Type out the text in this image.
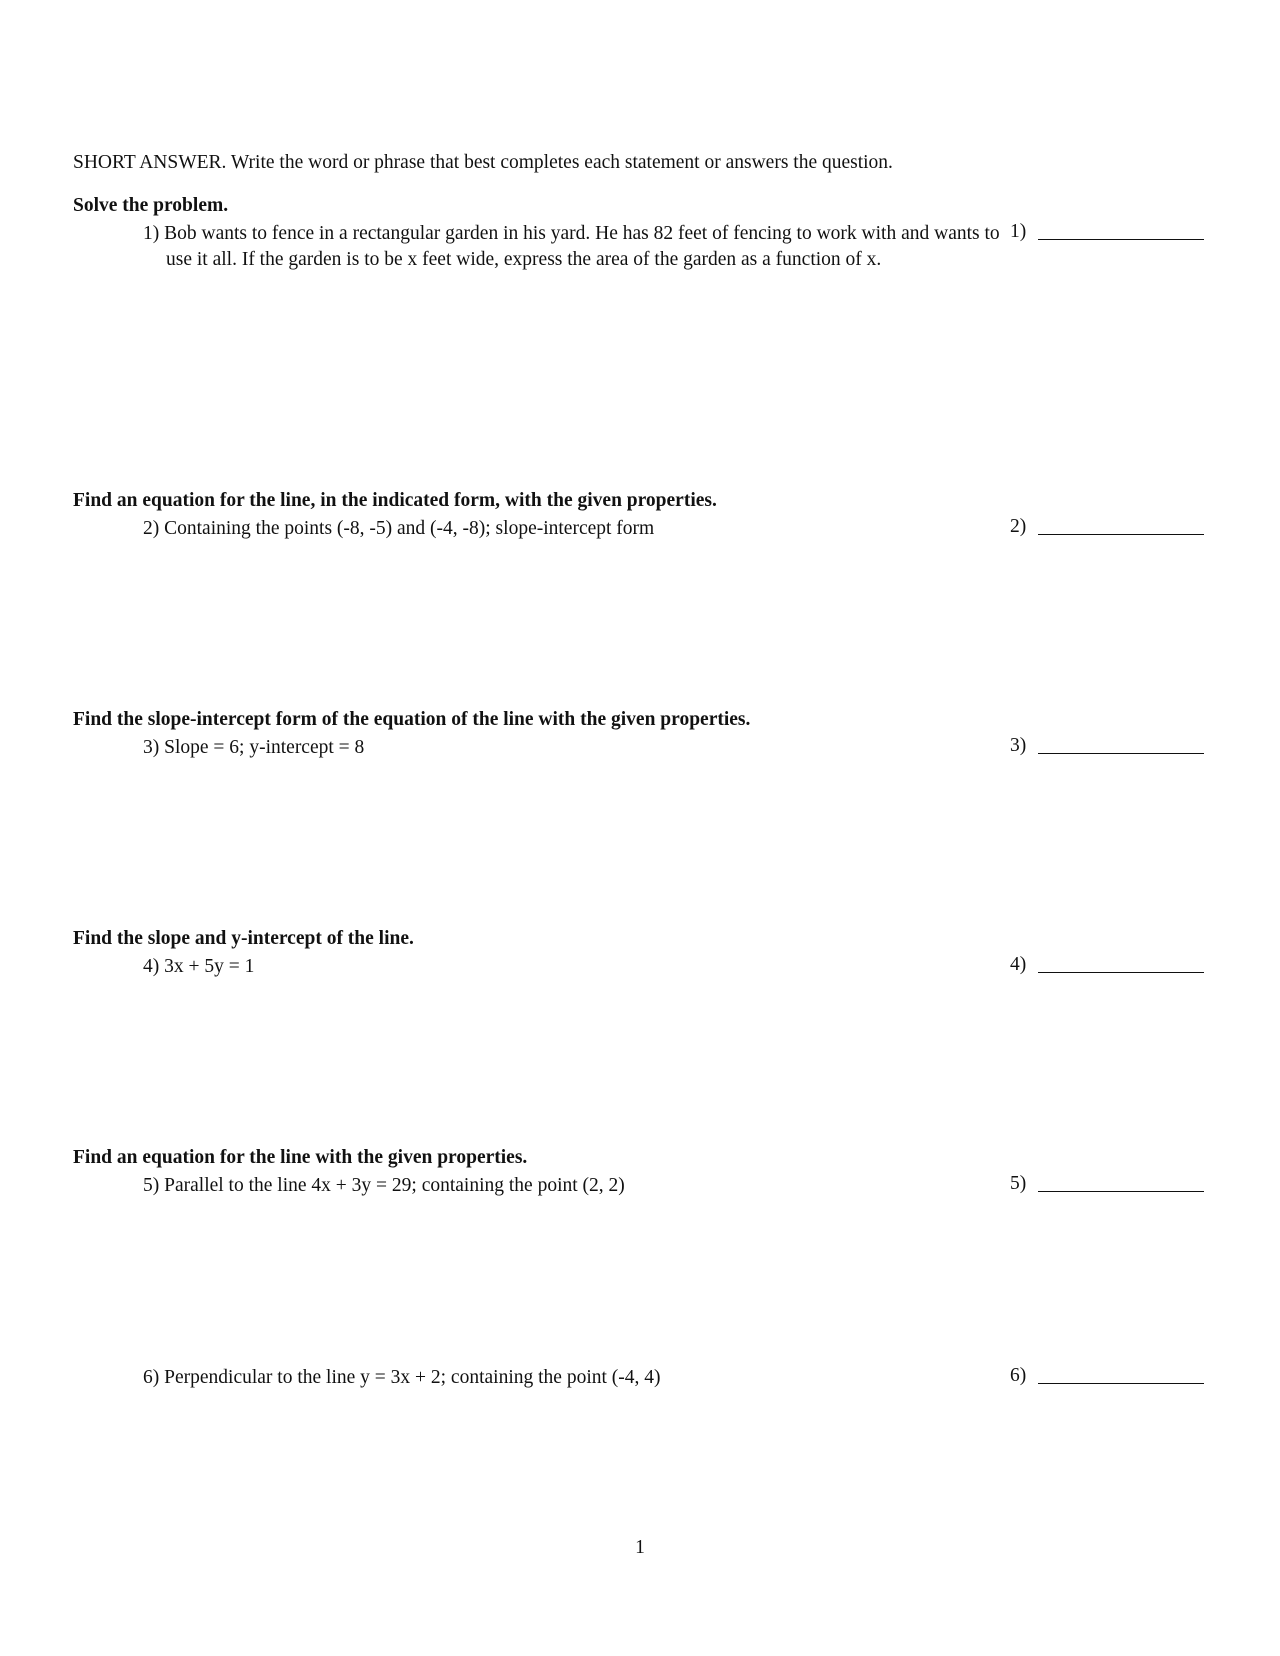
SHORT ANSWER. Write the word or phrase that best completes each statement or answers the question.
Solve the problem.
1) Bob wants to fence in a rectangular garden in his yard. He has 82 feet of fencing to work with and wants to use it all. If the garden is to be x feet wide, express the area of the garden as a function of x.
1)
Find an equation for the line, in the indicated form, with the given properties.
2) Containing the points (-8, -5) and (-4, -8); slope-intercept form	2)
Find the slope-intercept form of the equation of the line with the given properties.
3) Slope = 6; y-intercept = 8	3)
Find the slope and y-intercept of the line.
4) 3x + 5y = 1	4)
Find an equation for the line with the given properties.
5) Parallel to the line 4x + 3y = 29; containing the point (2, 2)	5)
6) Perpendicular to the line y = 3x + 2; containing the point (-4, 4)	6)
1
